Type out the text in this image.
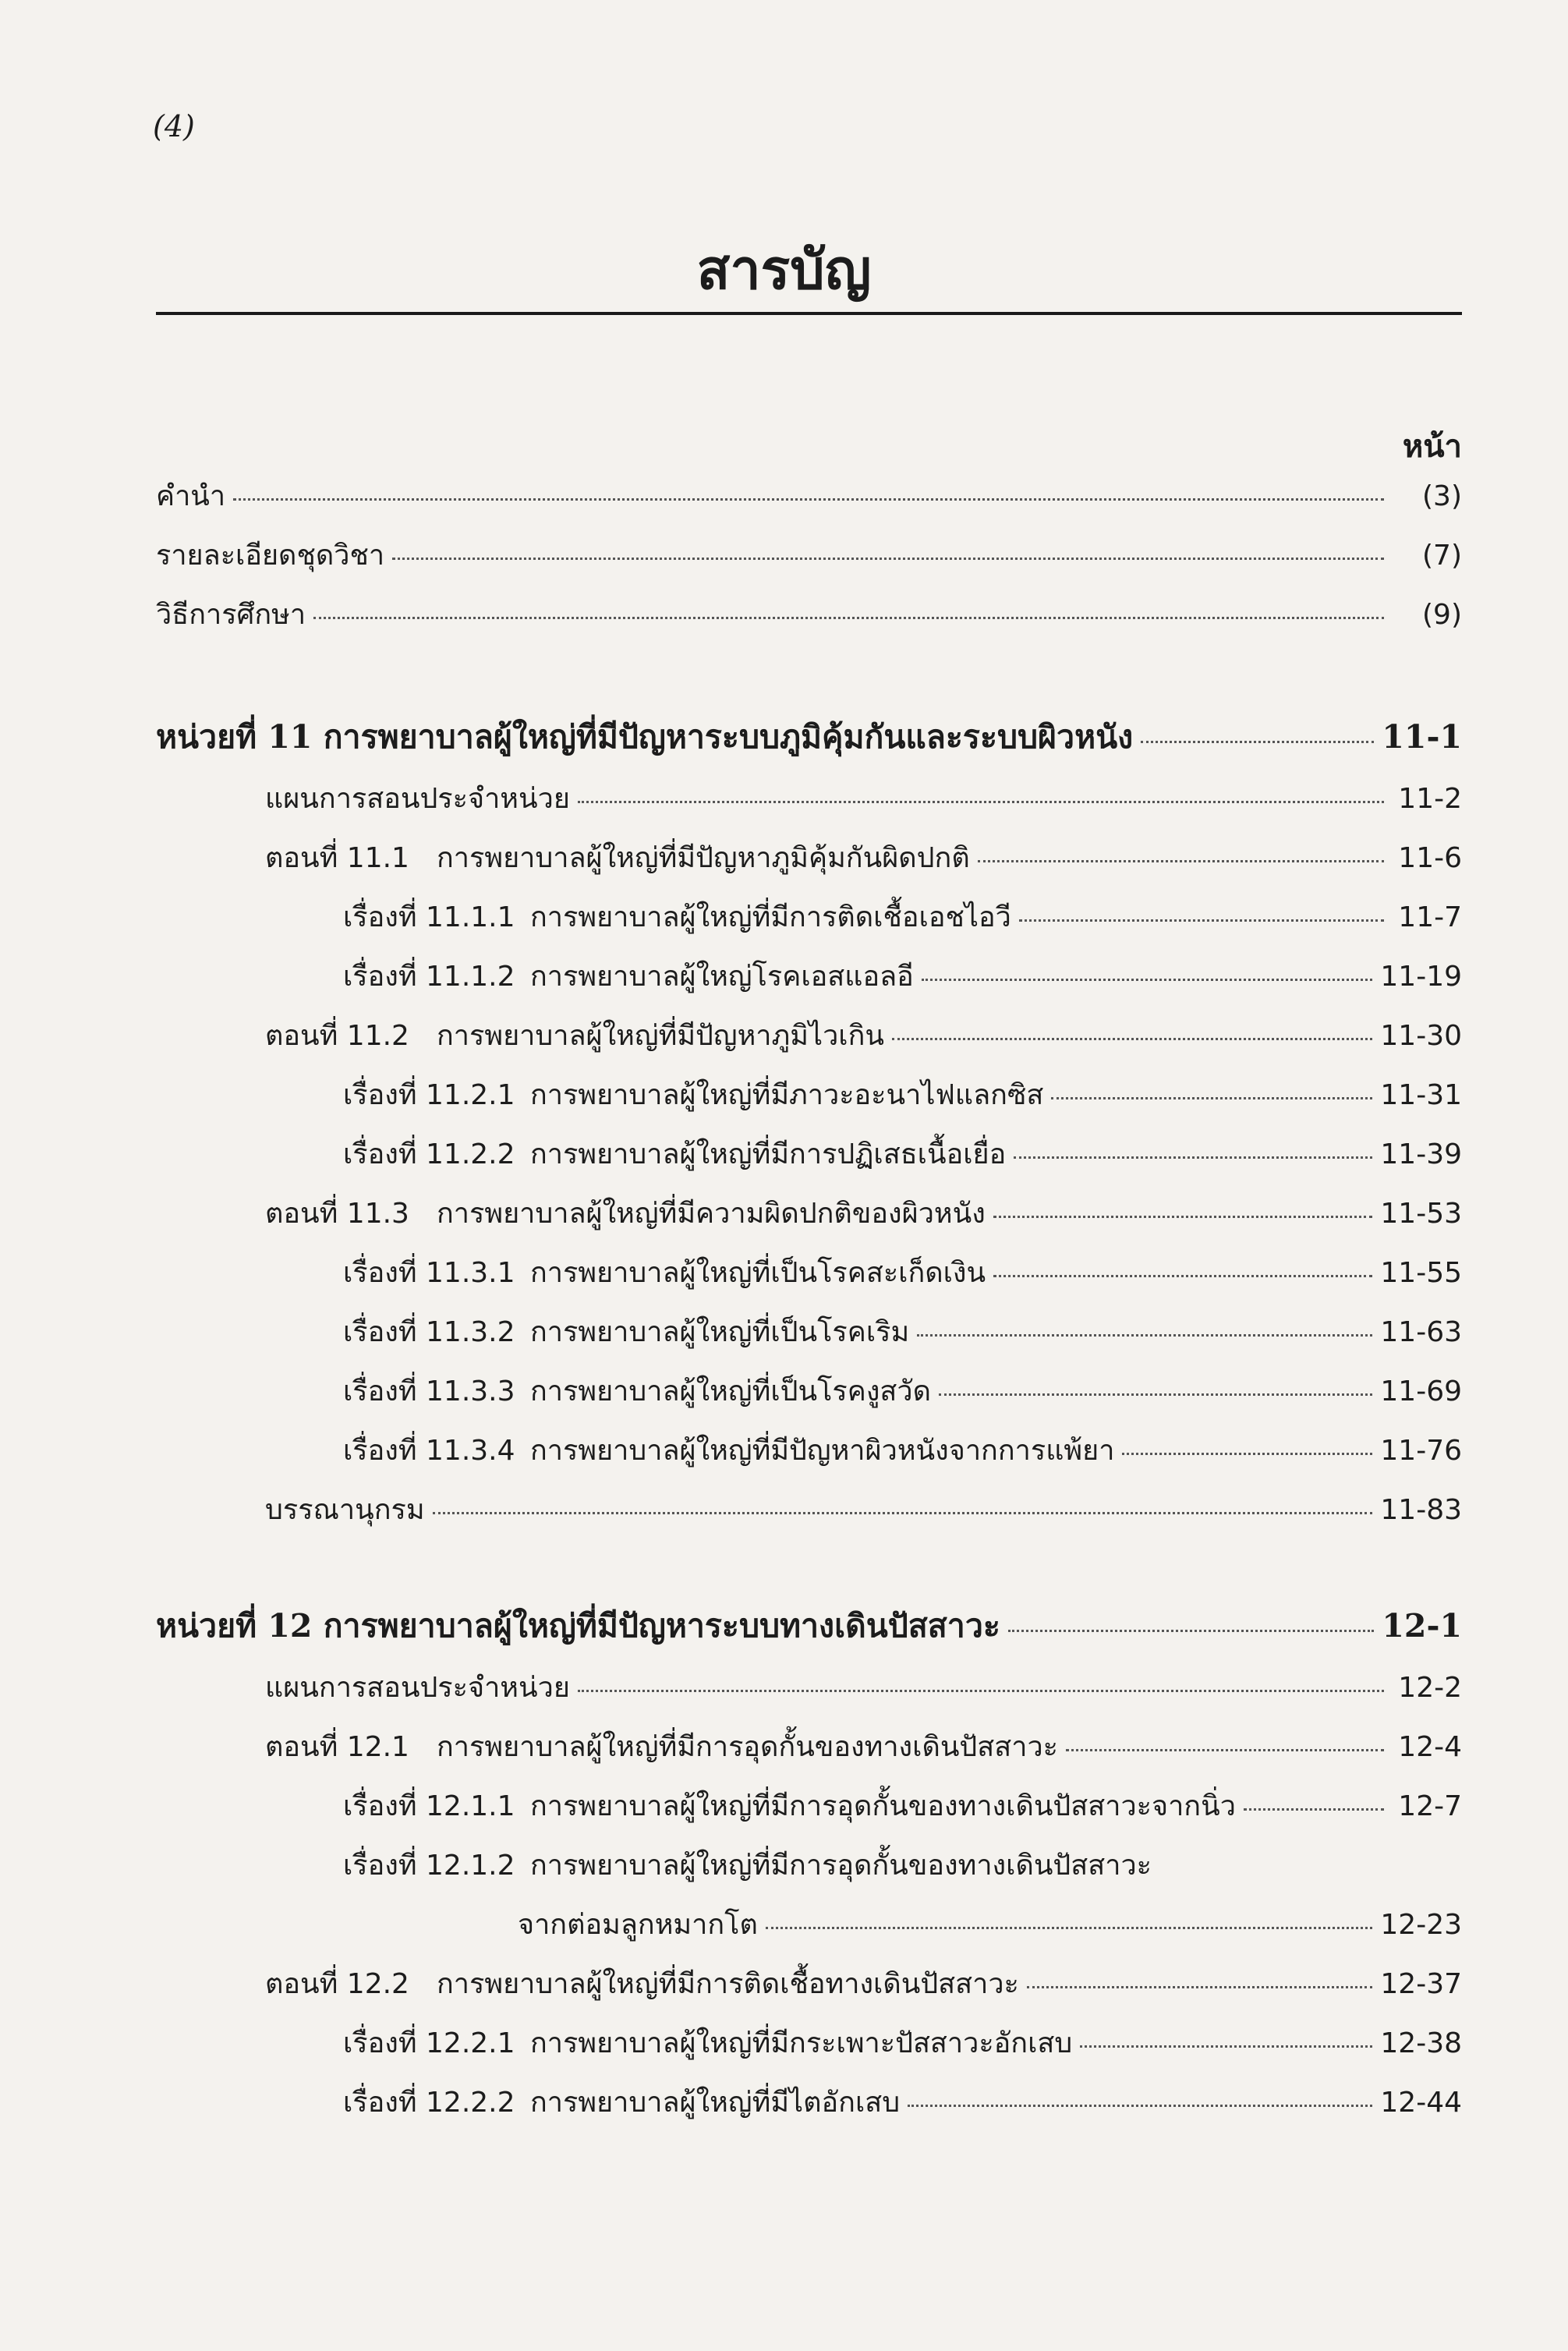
(4)
สารบัญ
หน้า
คำนำ	(3)
รายละเอียดชุดวิชา	(7)
วิธีการศึกษา	(9)
หน่วยที่ 11 การพยาบาลผู้ใหญ่ที่มีปัญหาระบบภูมิคุ้มกันและระบบผิวหนัง	11-1
แผนการสอนประจำหน่วย	11-2
ตอนที่ 11.1 การพยาบาลผู้ใหญ่ที่มีปัญหาภูมิคุ้มกันผิดปกติ	11-6
เรื่องที่ 11.1.1 การพยาบาลผู้ใหญ่ที่มีการติดเชื้อเอชไอวี	11-7
เรื่องที่ 11.1.2 การพยาบาลผู้ใหญ่โรคเอสแอลอี	11-19
ตอนที่ 11.2 การพยาบาลผู้ใหญ่ที่มีปัญหาภูมิไวเกิน	11-30
เรื่องที่ 11.2.1 การพยาบาลผู้ใหญ่ที่มีภาวะอะนาไฟแลกซิส	11-31
เรื่องที่ 11.2.2 การพยาบาลผู้ใหญ่ที่มีการปฏิเสธเนื้อเยื่อ	11-39
ตอนที่ 11.3 การพยาบาลผู้ใหญ่ที่มีความผิดปกติของผิวหนัง	11-53
เรื่องที่ 11.3.1 การพยาบาลผู้ใหญ่ที่เป็นโรคสะเก็ดเงิน	11-55
เรื่องที่ 11.3.2 การพยาบาลผู้ใหญ่ที่เป็นโรคเริม	11-63
เรื่องที่ 11.3.3 การพยาบาลผู้ใหญ่ที่เป็นโรคงูสวัด	11-69
เรื่องที่ 11.3.4 การพยาบาลผู้ใหญ่ที่มีปัญหาผิวหนังจากการแพ้ยา	11-76
บรรณานุกรม	11-83
หน่วยที่ 12 การพยาบาลผู้ใหญ่ที่มีปัญหาระบบทางเดินปัสสาวะ	12-1
แผนการสอนประจำหน่วย	12-2
ตอนที่ 12.1 การพยาบาลผู้ใหญ่ที่มีการอุดกั้นของทางเดินปัสสาวะ	12-4
เรื่องที่ 12.1.1 การพยาบาลผู้ใหญ่ที่มีการอุดกั้นของทางเดินปัสสาวะจากนิ่ว	12-7
เรื่องที่ 12.1.2 การพยาบาลผู้ใหญ่ที่มีการอุดกั้นของทางเดินปัสสาวะ
จากต่อมลูกหมากโต	12-23
ตอนที่ 12.2 การพยาบาลผู้ใหญ่ที่มีการติดเชื้อทางเดินปัสสาวะ	12-37
เรื่องที่ 12.2.1 การพยาบาลผู้ใหญ่ที่มีกระเพาะปัสสาวะอักเสบ	12-38
เรื่องที่ 12.2.2 การพยาบาลผู้ใหญ่ที่มีไตอักเสบ	12-44
